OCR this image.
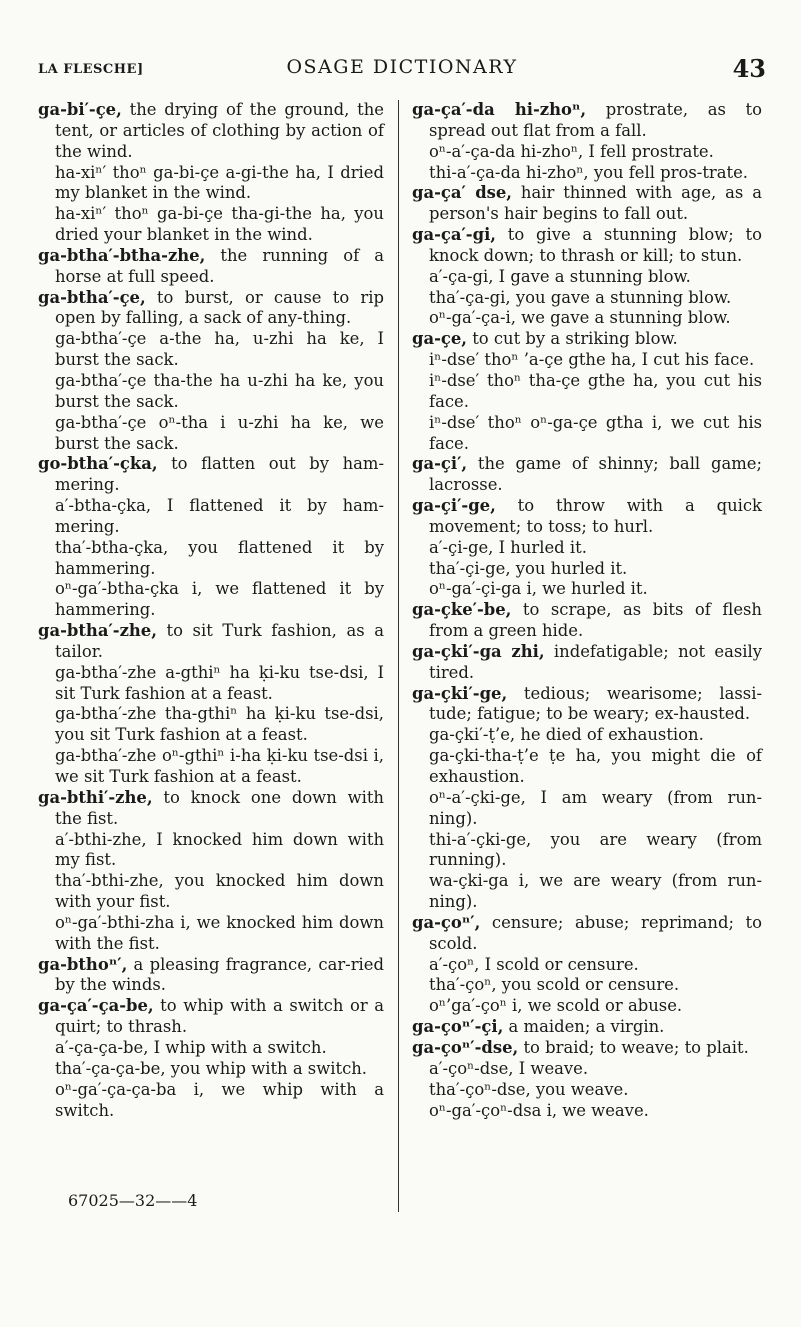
LA FLESCHE]	OSAGE DICTIONARY	43

ga-bi′-çe, the drying of the ground, the tent, or articles of clothing by action of the wind.

ha-xiⁿ′ thoⁿ ga-bi-çe a-gi-the ha, I dried my blanket in the wind.

ha-xiⁿ′ thoⁿ ga-bi-çe tha-gi-the ha, you dried your blanket in the wind.

ga-btha′-btha-zhe, the running of a horse at full speed.

ga-btha′-çe, to burst, or cause to rip open by falling, a sack of any-thing.

ga-btha′-çe a-the ha, u-zhi ha ke, I burst the sack.

ga-btha′-çe tha-the ha u-zhi ha ke, you burst the sack.

ga-btha′-çe oⁿ-tha i u-zhi ha ke, we burst the sack.

go-btha′-çka, to flatten out by ham-mering.

a′-btha-çka, I flattened it by ham-mering.

tha′-btha-çka, you flattened it by hammering.

oⁿ-ga′-btha-çka i, we flattened it by hammering.

ga-btha′-zhe, to sit Turk fashion, as a tailor.

ga-btha′-zhe a-gthiⁿ ha ḳi-ku tse-dsi, I sit Turk fashion at a feast.

ga-btha′-zhe tha-gthiⁿ ha ḳi-ku tse-dsi, you sit Turk fashion at a feast.

ga-btha′-zhe oⁿ-gthiⁿ i-ha ḳi-ku tse-dsi i, we sit Turk fashion at a feast.

ga-bthi′-zhe, to knock one down with the fist.

a′-bthi-zhe, I knocked him down with my fist.

tha′-bthi-zhe, you knocked him down with your fist.

oⁿ-ga′-bthi-zha i, we knocked him down with the fist.

ga-bthoⁿ′, a pleasing fragrance, car-ried by the winds.

ga-ça′-ça-be, to whip with a switch or a quirt; to thrash.

a′-ça-ça-be, I whip with a switch.

tha′-ça-ça-be, you whip with a switch.

oⁿ-ga′-ça-ça-ba i, we whip with a switch.

ga-ça′-da hi-zhoⁿ, prostrate, as to spread out flat from a fall.

oⁿ-a′-ça-da hi-zhoⁿ, I fell prostrate.

thi-a′-ça-da hi-zhoⁿ, you fell pros-trate.

ga-ça′ dse, hair thinned with age, as a person's hair begins to fall out.

ga-ça′-gi, to give a stunning blow; to knock down; to thrash or kill; to stun.

a′-ça-gi, I gave a stunning blow.

tha′-ça-gi, you gave a stunning blow.

oⁿ-ga′-ça-i, we gave a stunning blow.

ga-çe, to cut by a striking blow.

iⁿ-dse′ thoⁿ ’a-çe gthe ha, I cut his face.

iⁿ-dse′ thoⁿ tha-çe gthe ha, you cut his face.

iⁿ-dse′ thoⁿ oⁿ-ga-çe gtha i, we cut his face.

ga-çi′, the game of shinny; ball game; lacrosse.

ga-çi′-ge, to throw with a quick movement; to toss; to hurl.

a′-çi-ge, I hurled it.

tha′-çi-ge, you hurled it.

oⁿ-ga′-çi-ga i, we hurled it.

ga-çke′-be, to scrape, as bits of flesh from a green hide.

ga-çki′-ga zhi, indefatigable; not easily tired.

ga-çki′-ge, tedious; wearisome; lassi-tude; fatigue; to be weary; ex-hausted.

ga-çki′-ṭ’e, he died of exhaustion.

ga-çki-tha-ṭ’e ṭe ha, you might die of exhaustion.

oⁿ-a′-çki-ge, I am weary (from run-ning).

thi-a′-çki-ge, you are weary (from running).

wa-çki-ga i, we are weary (from run-ning).

ga-çoⁿ′, censure; abuse; reprimand; to scold.

a′-çoⁿ, I scold or censure.

tha′-çoⁿ, you scold or censure.

oⁿ’ga′-çoⁿ i, we scold or abuse.

ga-çoⁿ′-çi, a maiden; a virgin.

ga-çoⁿ′-dse, to braid; to weave; to plait.

a′-çoⁿ-dse, I weave.

tha′-çoⁿ-dse, you weave.

oⁿ-ga′-çoⁿ-dsa i, we weave.

67025—32——4
